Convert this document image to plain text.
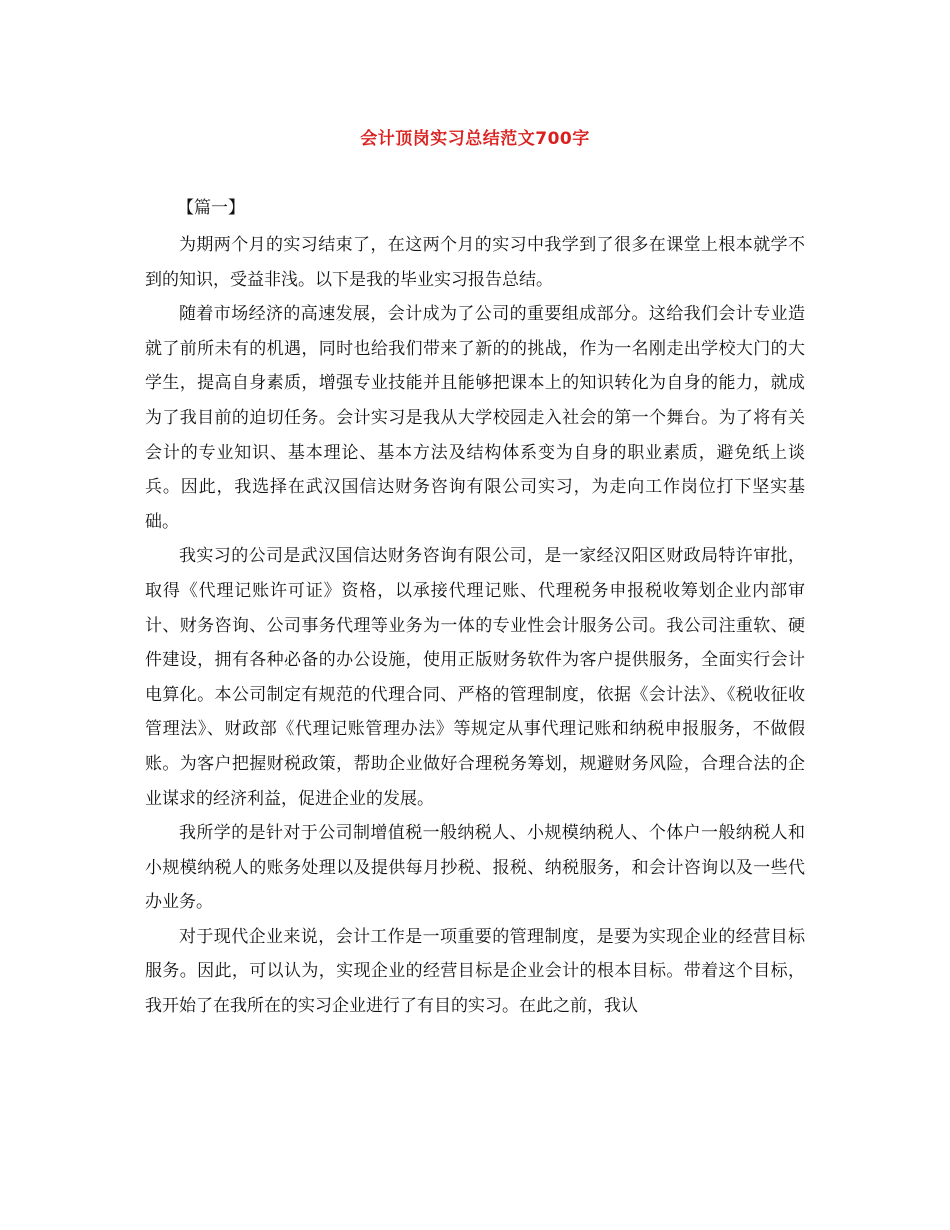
会计顶岗实习总结范文700字
【篇一】

为期两个月的实习结束了，在这两个月的实习中我学到了很多在课堂上根本就学不到的知识，受益非浅。以下是我的毕业实习报告总结。

随着市场经济的高速发展，会计成为了公司的重要组成部分。这给我们会计专业造就了前所未有的机遇，同时也给我们带来了新的的挑战，作为一名刚走出学校大门的大学生，提高自身素质，增强专业技能并且能够把课本上的知识转化为自身的能力，就成为了我目前的迫切任务。会计实习是我从大学校园走入社会的第一个舞台。为了将有关会计的专业知识、基本理论、基本方法及结构体系变为自身的职业素质，避免纸上谈兵。因此，我选择在武汉国信达财务咨询有限公司实习，为走向工作岗位打下坚实基础。

我实习的公司是武汉国信达财务咨询有限公司，是一家经汉阳区财政局特许审批，取得《代理记账许可证》资格，以承接代理记账、代理税务申报税收筹划企业内部审计、财务咨询、公司事务代理等业务为一体的专业性会计服务公司。我公司注重软、硬件建设，拥有各种必备的办公设施，使用正版财务软件为客户提供服务，全面实行会计电算化。本公司制定有规范的代理合同、严格的管理制度，依据《会计法》、《税收征收管理法》、财政部《代理记账管理办法》等规定从事代理记账和纳税申报服务，不做假账。为客户把握财税政策，帮助企业做好合理税务筹划，规避财务风险，合理合法的企业谋求的经济利益，促进企业的发展。

我所学的是针对于公司制增值税一般纳税人、小规模纳税人、个体户一般纳税人和小规模纳税人的账务处理以及提供每月抄税、报税、纳税服务，和会计咨询以及一些代办业务。

对于现代企业来说，会计工作是一项重要的管理制度，是要为实现企业的经营目标服务。因此，可以认为，实现企业的经营目标是企业会计的根本目标。带着这个目标，我开始了在我所在的实习企业进行了有目的实习。在此之前，我认
